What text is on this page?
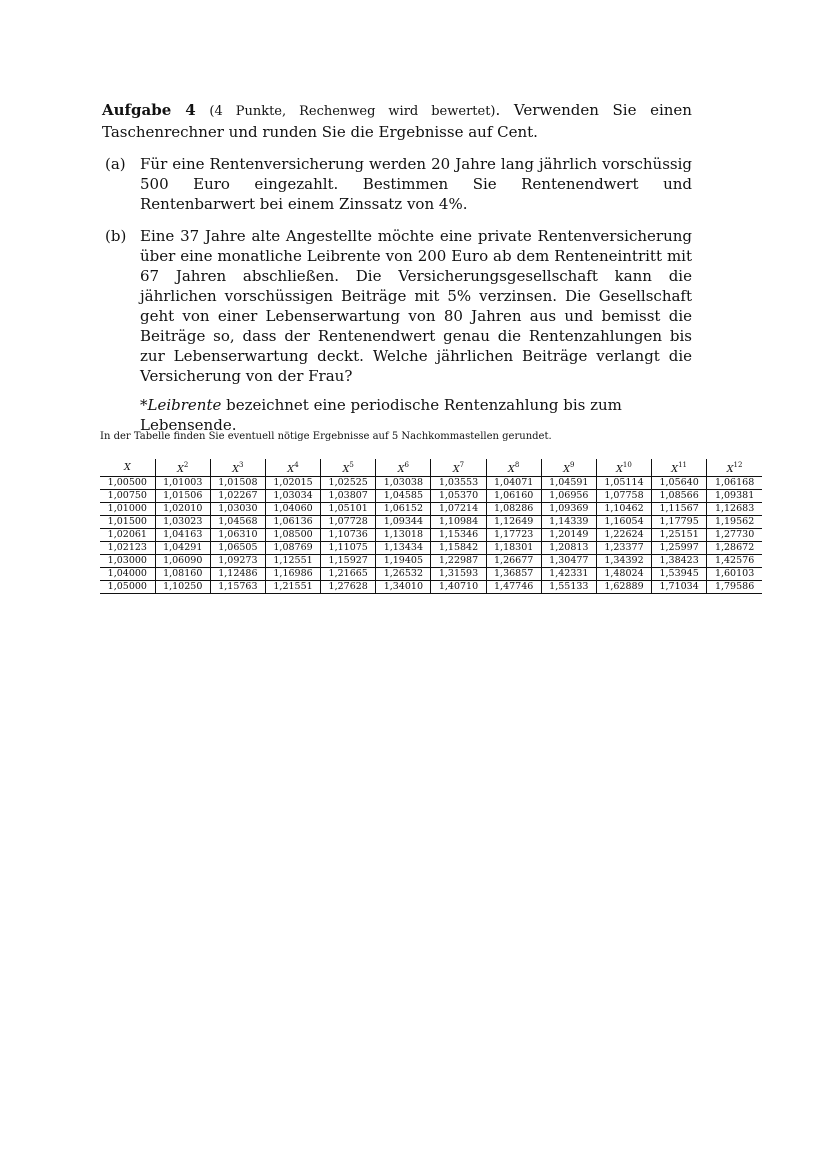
Aufgabe 4 (4 Punkte, Rechenweg wird bewertet). Verwenden Sie einen Taschenrechner und runden Sie die Ergebnisse auf Cent.
(a) Für eine Rentenversicherung werden 20 Jahre lang jährlich vorschüssig 500 Euro eingezahlt. Bestimmen Sie Rentenendwert und Rentenbarwert bei einem Zinssatz von 4%.
(b) Eine 37 Jahre alte Angestellte möchte eine private Rentenversicherung über eine monatliche Leibrente von 200 Euro ab dem Renteneintritt mit 67 Jahren abschließen. Die Versicherungsgesellschaft kann die jährlichen vorschüssigen Beiträge mit 5% verzinsen. Die Gesellschaft geht von einer Lebenserwartung von 80 Jahren aus und bemisst die Beiträge so, dass der Rentenendwert genau die Rentenzahlungen bis zur Lebenserwartung deckt. Welche jährlichen Beiträge verlangt die Versicherung von der Frau?
*Leibrente bezeichnet eine periodische Rentenzahlung bis zum Lebensende.
In der Tabelle finden Sie eventuell nötige Ergebnisse auf 5 Nachkommastellen gerundet.
X	$X^2$	$X^3$	$X^4$	$X^5$	$X^6$	$X^7$	$X^8$	$X^9$	$X^{10}$	$X^{11}$	$X^{12}$
1,00500	1,01003	1,01508	1,02015	1,02525	1,03038	1,03553	1,04071	1,04591	1,05114	1,05640	1,06168
1,00750	1,01506	1,02267	1,03034	1,03807	1,04585	1,05370	1,06160	1,06956	1,07758	1,08566	1,09381
1,01000	1,02010	1,03030	1,04060	1,05101	1,06152	1,07214	1,08286	1,09369	1,10462	1,11567	1,12683
1,01500	1,03023	1,04568	1,06136	1,07728	1,09344	1,10984	1,12649	1,14339	1,16054	1,17795	1,19562
1,02061	1,04163	1,06310	1,08500	1,10736	1,13018	1,15346	1,17723	1,20149	1,22624	1,25151	1,27730
1,02123	1,04291	1,06505	1,08769	1,11075	1,13434	1,15842	1,18301	1,20813	1,23377	1,25997	1,28672
1,03000	1,06090	1,09273	1,12551	1,15927	1,19405	1,22987	1,26677	1,30477	1,34392	1,38423	1,42576
1,04000	1,08160	1,12486	1,16986	1,21665	1,26532	1,31593	1,36857	1,42331	1,48024	1,53945	1,60103
1,05000	1,10250	1,15763	1,21551	1,27628	1,34010	1,40710	1,47746	1,55133	1,62889	1,71034	1,79586
